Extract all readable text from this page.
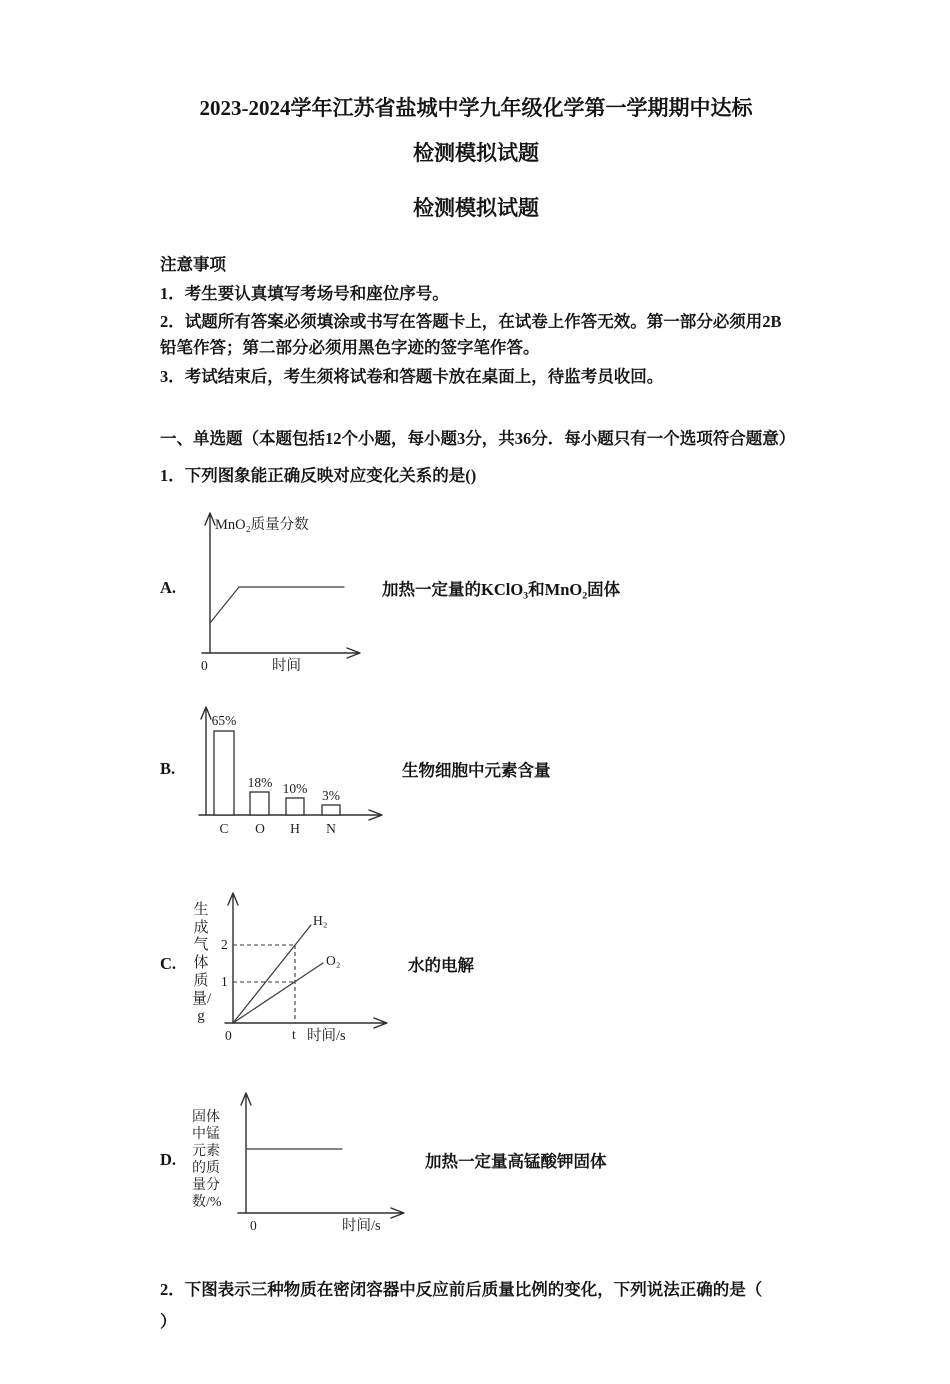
2023-2024学年江苏省盐城中学九年级化学第一学期期中达标
检测模拟试题
检测模拟试题
注意事项

1．考生要认真填写考场号和座位序号。

2．试题所有答案必须填涂或书写在答题卡上，在试卷上作答无效。第一部分必须用2B铅笔作答；第二部分必须用黑色字迹的签字笔作答。

3．考试结束后，考生须将试卷和答题卡放在桌面上，待监考员收回。

一、单选题（本题包括12个小题，每小题3分，共36分．每小题只有一个选项符合题意）

1．下列图象能正确反映对应变化关系的是()

A.
MnO₂质量分数
0	时间
加热一定量的KClO₃和MnO₂固体
B.
65%
18% 10% 3%
C O H N
生物细胞中元素含量
C.
生成气体质量/g
H₂
O₂
2
1
0	t 时间/s
水的电解
D.
固体中锰元素的质量分数/%
0	时间/s
加热一定量高锰酸钾固体

2．下图表示三种物质在密闭容器中反应前后质量比例的变化，下列说法正确的是（

）
